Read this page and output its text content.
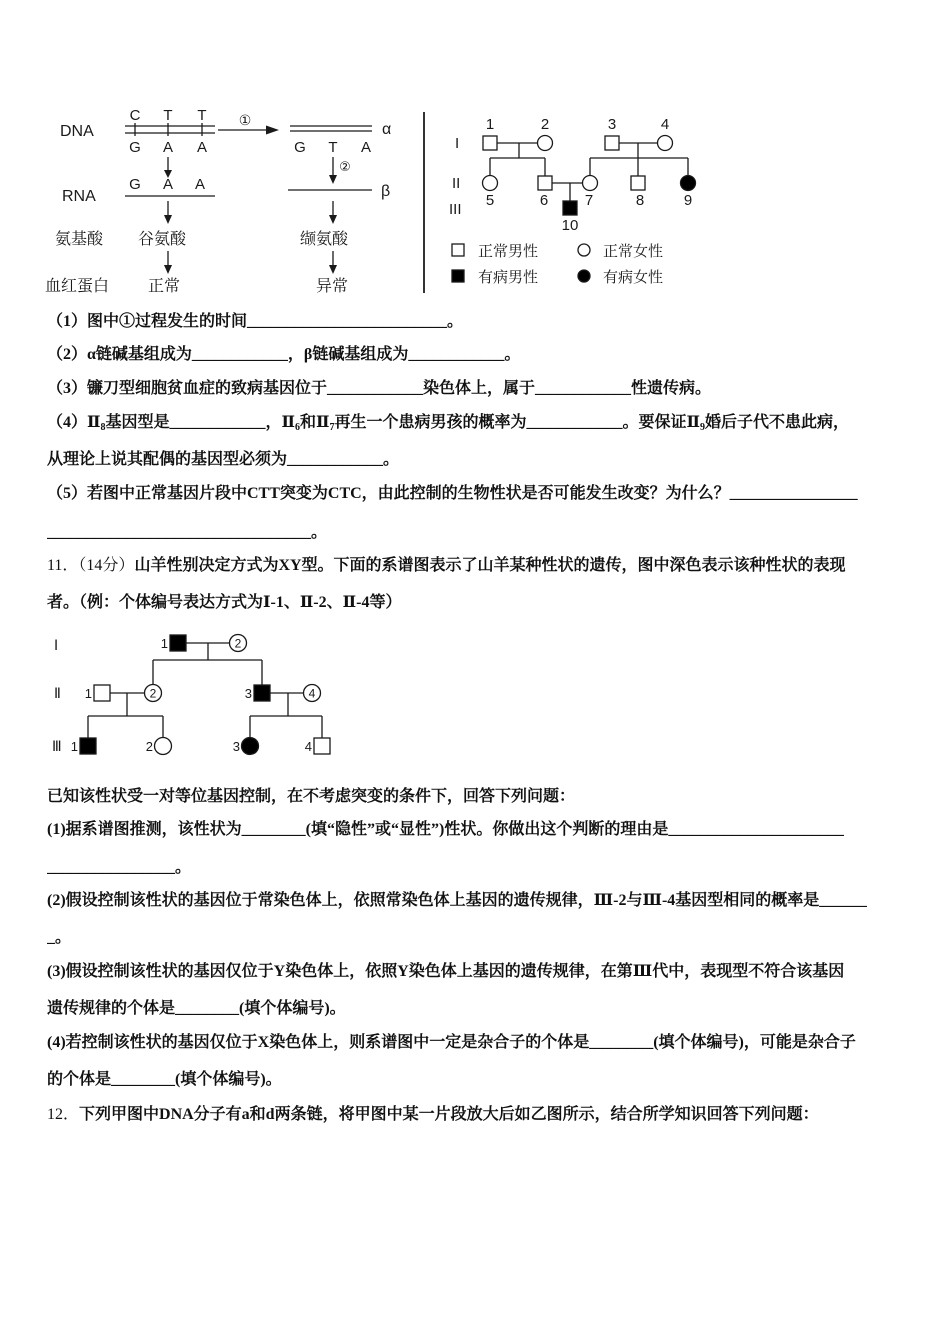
DNA
C T T
G A A
①
α
G T A
②
β
RNA
G A A
氨基酸 谷氨酸	缬氨酸
血红蛋白 正常	异常
I
II
III
1	2	3	4
5	6 7	8	9
10
正常男性	正常女性
有病男性	有病女性
（1）图中①过程发生的时间_________________________。
（2）α链碱基组成为____________，β链碱基组成为____________。
（3）镰刀型细胞贫血症的致病基因位于____________染色体上，属于____________性遗传病。
$(4)Ⅱ_8$基因型是____________，$Ⅱ_6$和$Ⅱ_7$再生一个患病男孩的概率为____________。要保证$Ⅱ_9$婚后子代不患此病，
从理论上说其配偶的基因型必须为____________。
（5）若图中正常基因片段中CTT突变为CTC，由此控制的生物性状是否可能发生改变？为什么？________________
_________________________________。
11．（14分）山羊性别决定方式为XY型。下面的系谱图表示了山羊某种性状的遗传，图中深色表示该种性状的表现
者。（例：个体编号表达方式为Ⅰ-1、Ⅱ-2、Ⅱ-4等）
Ⅰ
Ⅱ
Ⅲ
1	2
1	2	3	4
1	2	3	4
已知该性状受一对等位基因控制，在不考虑突变的条件下，回答下列问题：
(1)据系谱图推测，该性状为________(填“隐性”或“显性”)性状。你做出这个判断的理由是______________________
________________。
(2)假设控制该性状的基因位于常染色体上，依照常染色体上基因的遗传规律，Ⅲ-2与Ⅲ-4基因型相同的概率是______
_。
(3)假设控制该性状的基因仅位于Y染色体上，依照Y染色体上基因的遗传规律，在第Ⅲ代中，表现型不符合该基因
遗传规律的个体是________(填个体编号)。
(4)若控制该性状的基因仅位于X染色体上，则系谱图中一定是杂合子的个体是________(填个体编号)，可能是杂合子
的个体是________(填个体编号)。
12．下列甲图中DNA分子有a和d两条链，将甲图中某一片段放大后如乙图所示，结合所学知识回答下列问题：
